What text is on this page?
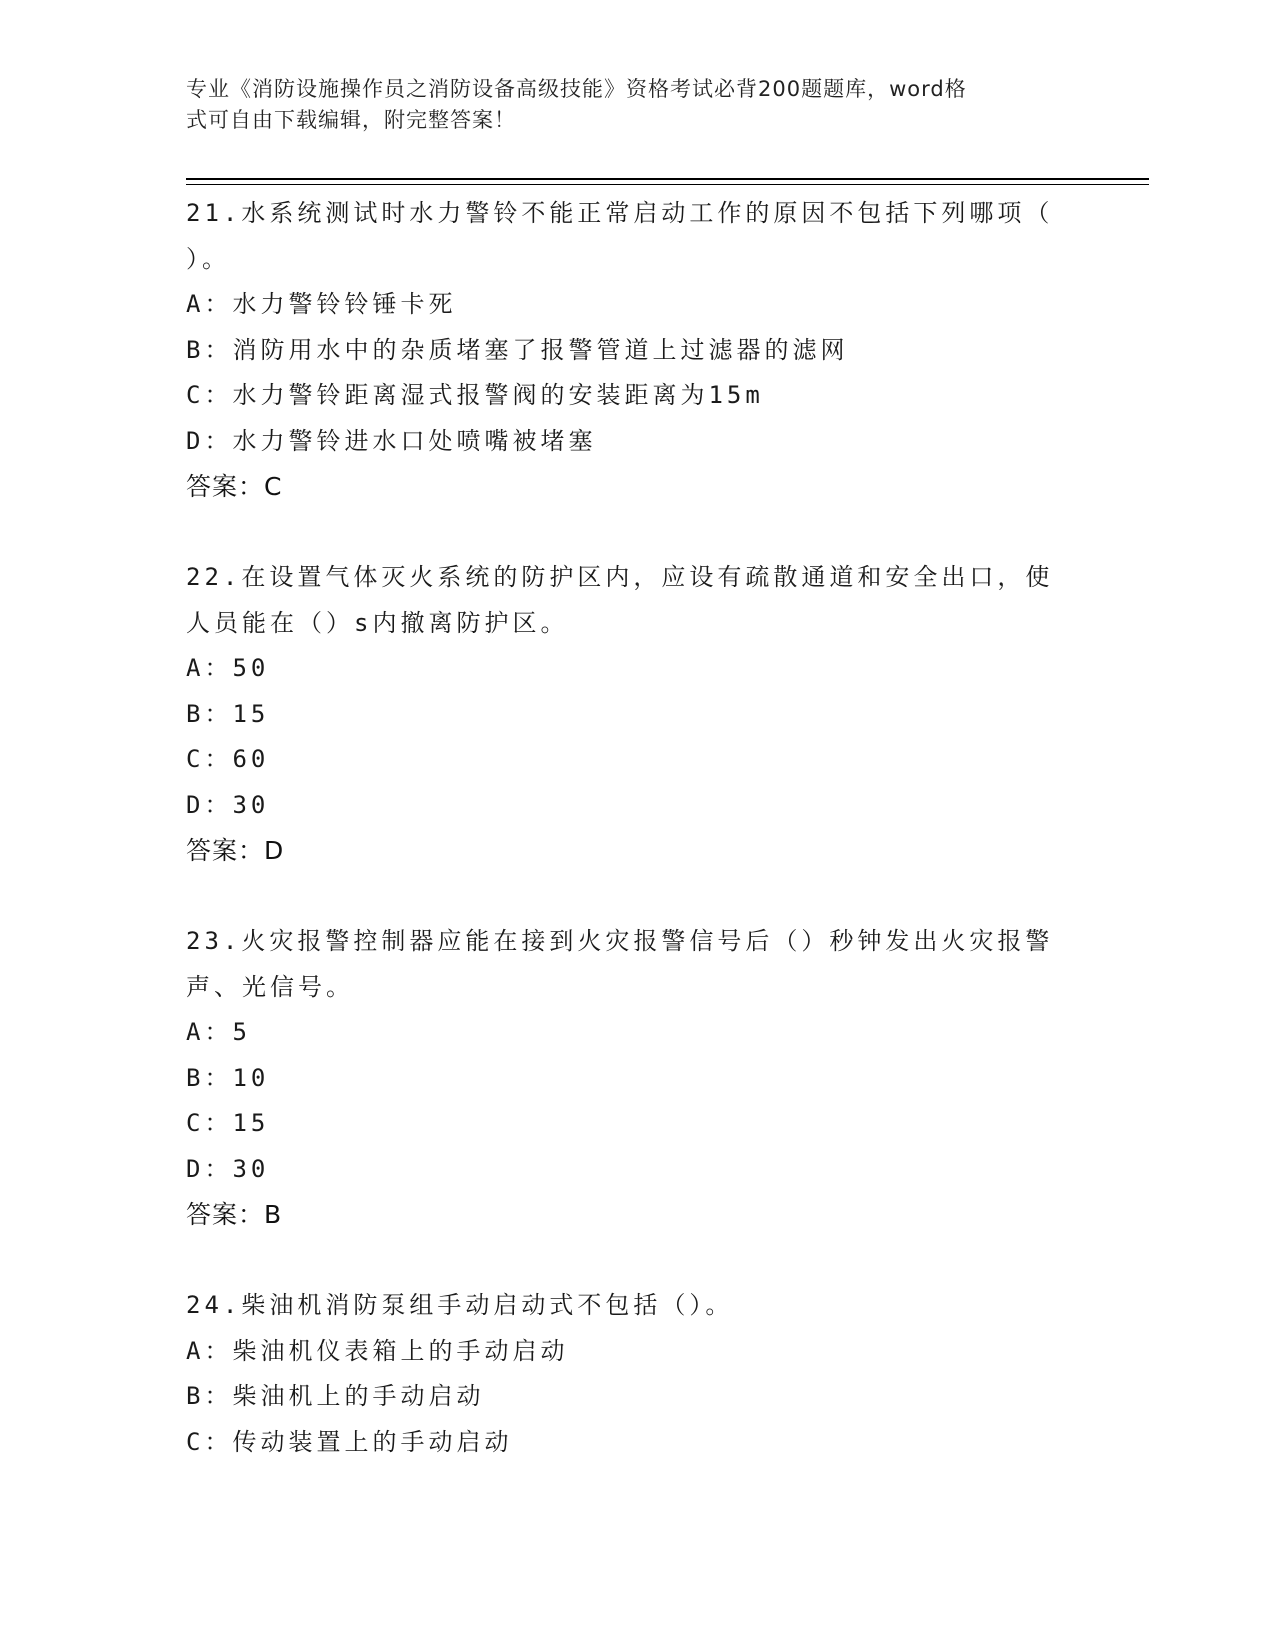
专业《消防设施操作员之消防设备高级技能》资格考试必背200题题库，word格
式可自由下载编辑，附完整答案！
21.水系统测试时水力警铃不能正常启动工作的原因不包括下列哪项（
）。
A：水力警铃铃锤卡死
B：消防用水中的杂质堵塞了报警管道上过滤器的滤网
C：水力警铃距离湿式报警阀的安装距离为15m
D：水力警铃进水口处喷嘴被堵塞
答案：C
22.在设置气体灭火系统的防护区内，应设有疏散通道和安全出口，使
人员能在（）s内撤离防护区。
A：50
B：15
C：60
D：30
答案：D
23.火灾报警控制器应能在接到火灾报警信号后（）秒钟发出火灾报警
声、光信号。
A：5
B：10
C：15
D：30
答案：B
24.柴油机消防泵组手动启动式不包括（）。
A：柴油机仪表箱上的手动启动
B：柴油机上的手动启动
C：传动装置上的手动启动
